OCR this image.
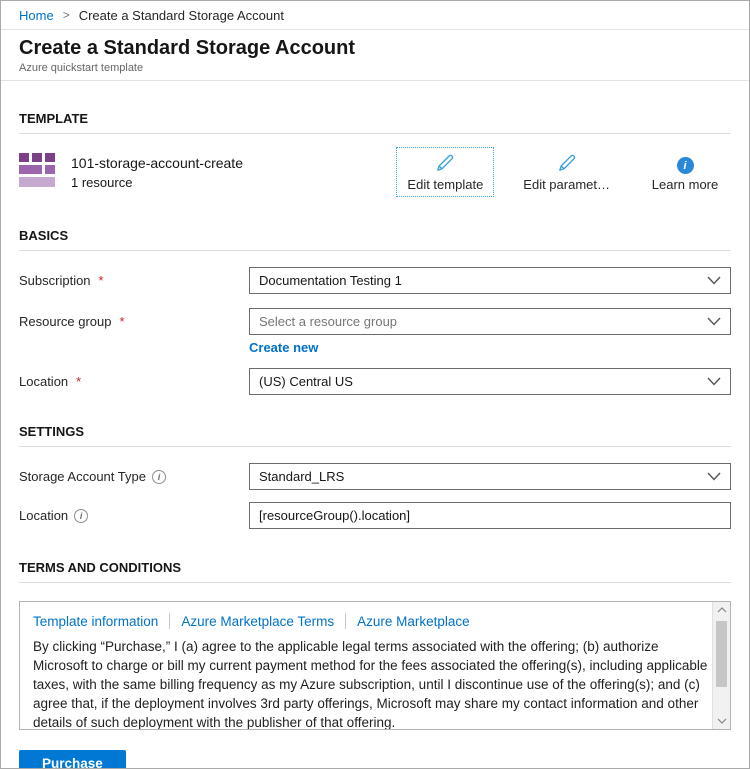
Home > Create a Standard Storage Account
Create a Standard Storage Account
Azure quickstart template
TEMPLATE
101-storage-account-create
1 resource	Edit template	Edit paramet…
i
Learn more
BASICS
Subscription *	Documentation Testing 1
Resource group *	Select a resource group
Create new
Location *	(US) Central US
SETTINGS
Storage Account Type	i	Standard_LRS
Location	i	[resourceGroup().location]
TERMS AND CONDITIONS
Template information Azure Marketplace Terms Azure Marketplace
By clicking “Purchase,” I (a) agree to the applicable legal terms associated with the offering; (b) authorize Microsoft to charge or bill my current payment method for the fees associated the offering(s), including applicable taxes, with the same billing frequency as my Azure subscription, until I discontinue use of the offering(s); and (c) agree that, if the deployment involves 3rd party offerings, Microsoft may share my contact information and other details of such deployment with the publisher of that offering.
Purchase
